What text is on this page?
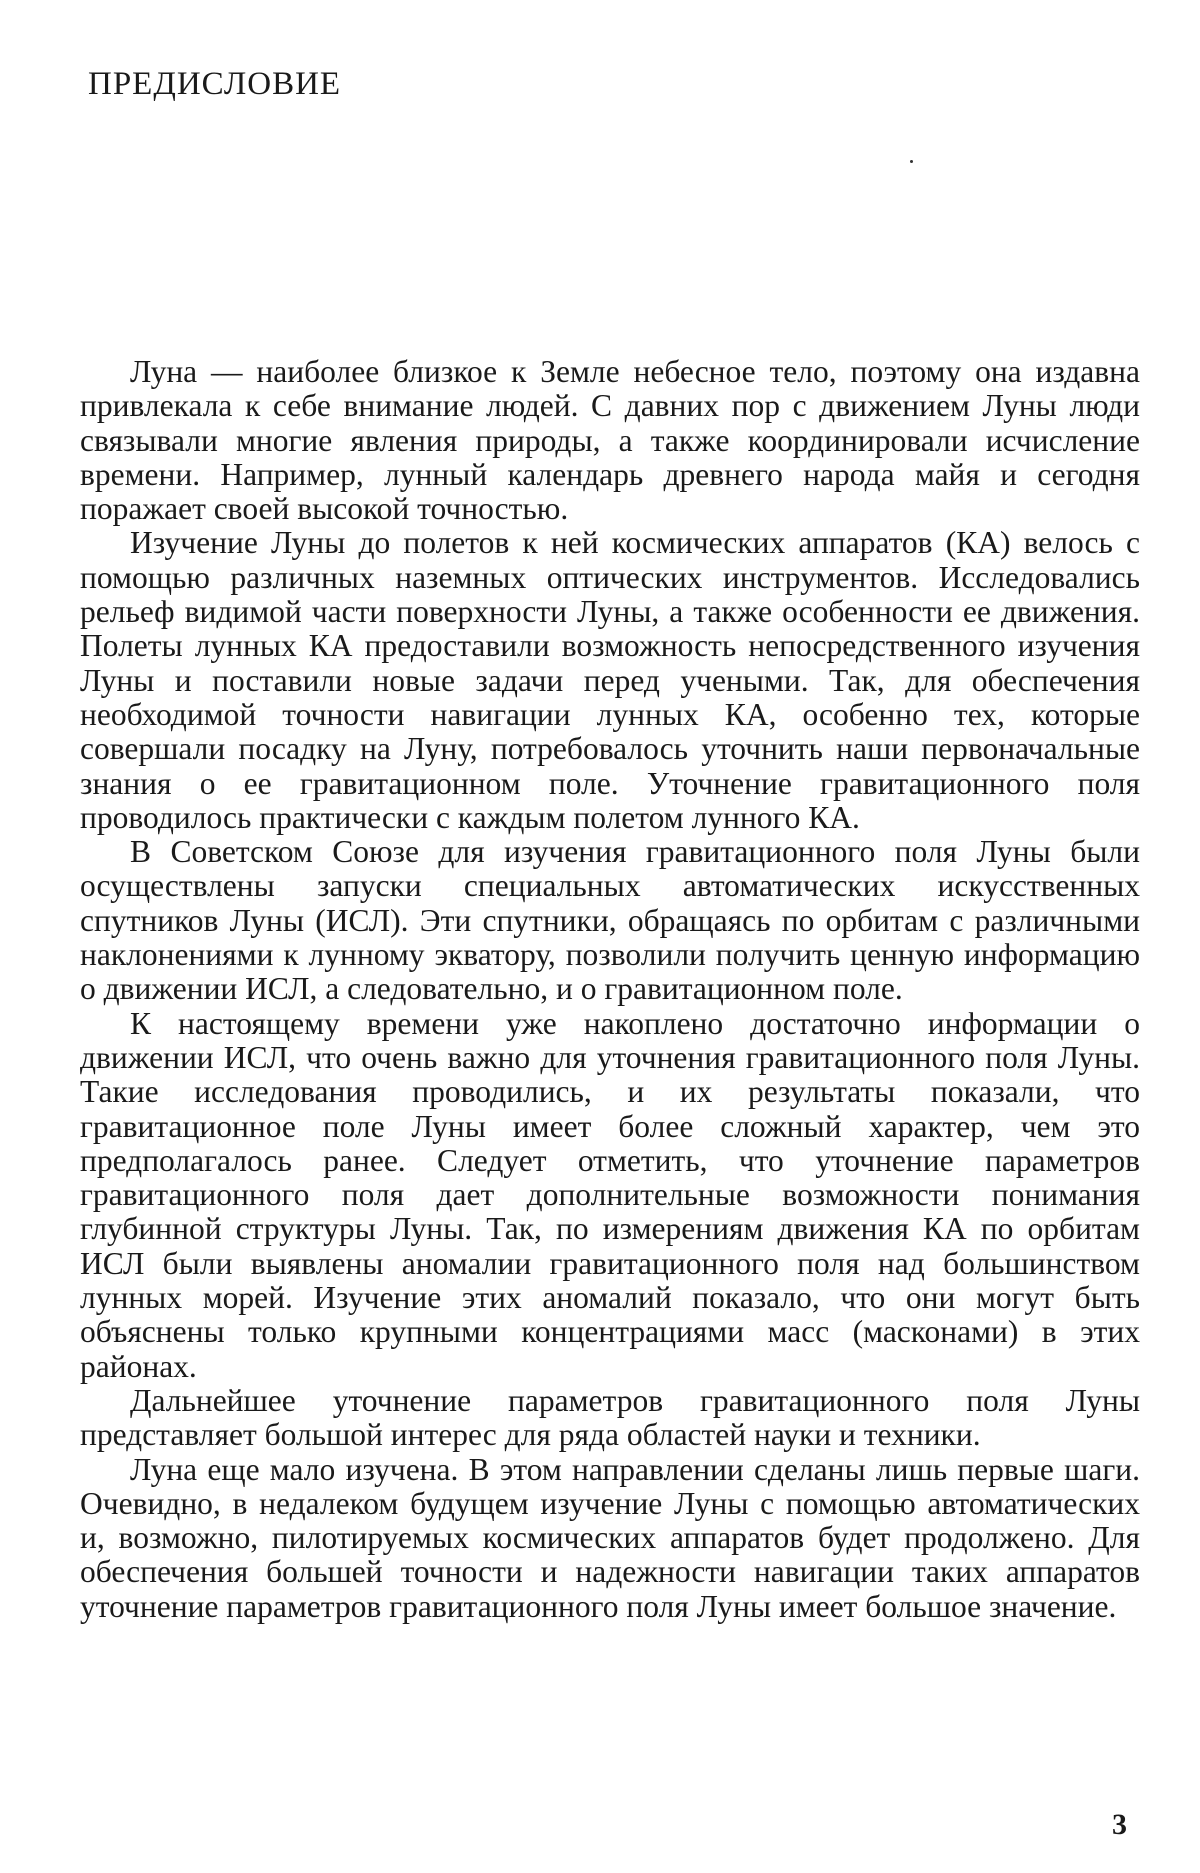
ПРЕДИСЛОВИЕ

Луна — наиболее близкое к Земле небесное тело, поэтому она издавна привлекала к себе внимание людей. С давних пор с движением Луны люди связывали многие явления природы, а также координировали исчисление времени. Например, лунный календарь древнего народа майя и сегодня поражает своей высокой точностью.

Изучение Луны до полетов к ней космических аппаратов (КА) велось с помощью различных наземных оптических инструментов. Исследовались рельеф видимой части поверхности Луны, а также особенности ее движения. Полеты лунных КА предоставили возможность непосредственного изучения Луны и поставили новые задачи перед учеными. Так, для обеспечения необходимой точности навигации лунных КА, особенно тех, которые совершали посадку на Луну, потребовалось уточнить наши первоначальные знания о ее гравитационном поле. Уточнение гравитационного поля проводилось практически с каждым полетом лунного КА.

В Советском Союзе для изучения гравитационного поля Луны были осуществлены запуски специальных автоматических искусственных спутников Луны (ИСЛ). Эти спутники, обращаясь по орбитам с различными наклонениями к лунному экватору, позволили получить ценную информацию о движении ИСЛ, а следовательно, и о гравитационном поле.

К настоящему времени уже накоплено достаточно информации о движении ИСЛ, что очень важно для уточнения гравитационного поля Луны. Такие исследования проводились, и их результаты показали, что гравитационное поле Луны имеет более сложный характер, чем это предполагалось ранее. Следует отметить, что уточнение параметров гравитационного поля дает дополнительные возможности понимания глубинной структуры Луны. Так, по измерениям движения КА по орбитам ИСЛ были выявлены аномалии гравитационного поля над большинством лунных морей. Изучение этих аномалий показало, что они могут быть объяснены только крупными концентрациями масс (масконами) в этих районах.

Дальнейшее уточнение параметров гравитационного поля Луны представляет большой интерес для ряда областей науки и техники.

Луна еще мало изучена. В этом направлении сделаны лишь первые шаги. Очевидно, в недалеком будущем изучение Луны с помощью автоматических и, возможно, пилотируемых космических аппаратов будет продолжено. Для обеспечения большей точности и надежности навигации таких аппаратов уточнение параметров гравитационного поля Луны имеет большое значение.

3
